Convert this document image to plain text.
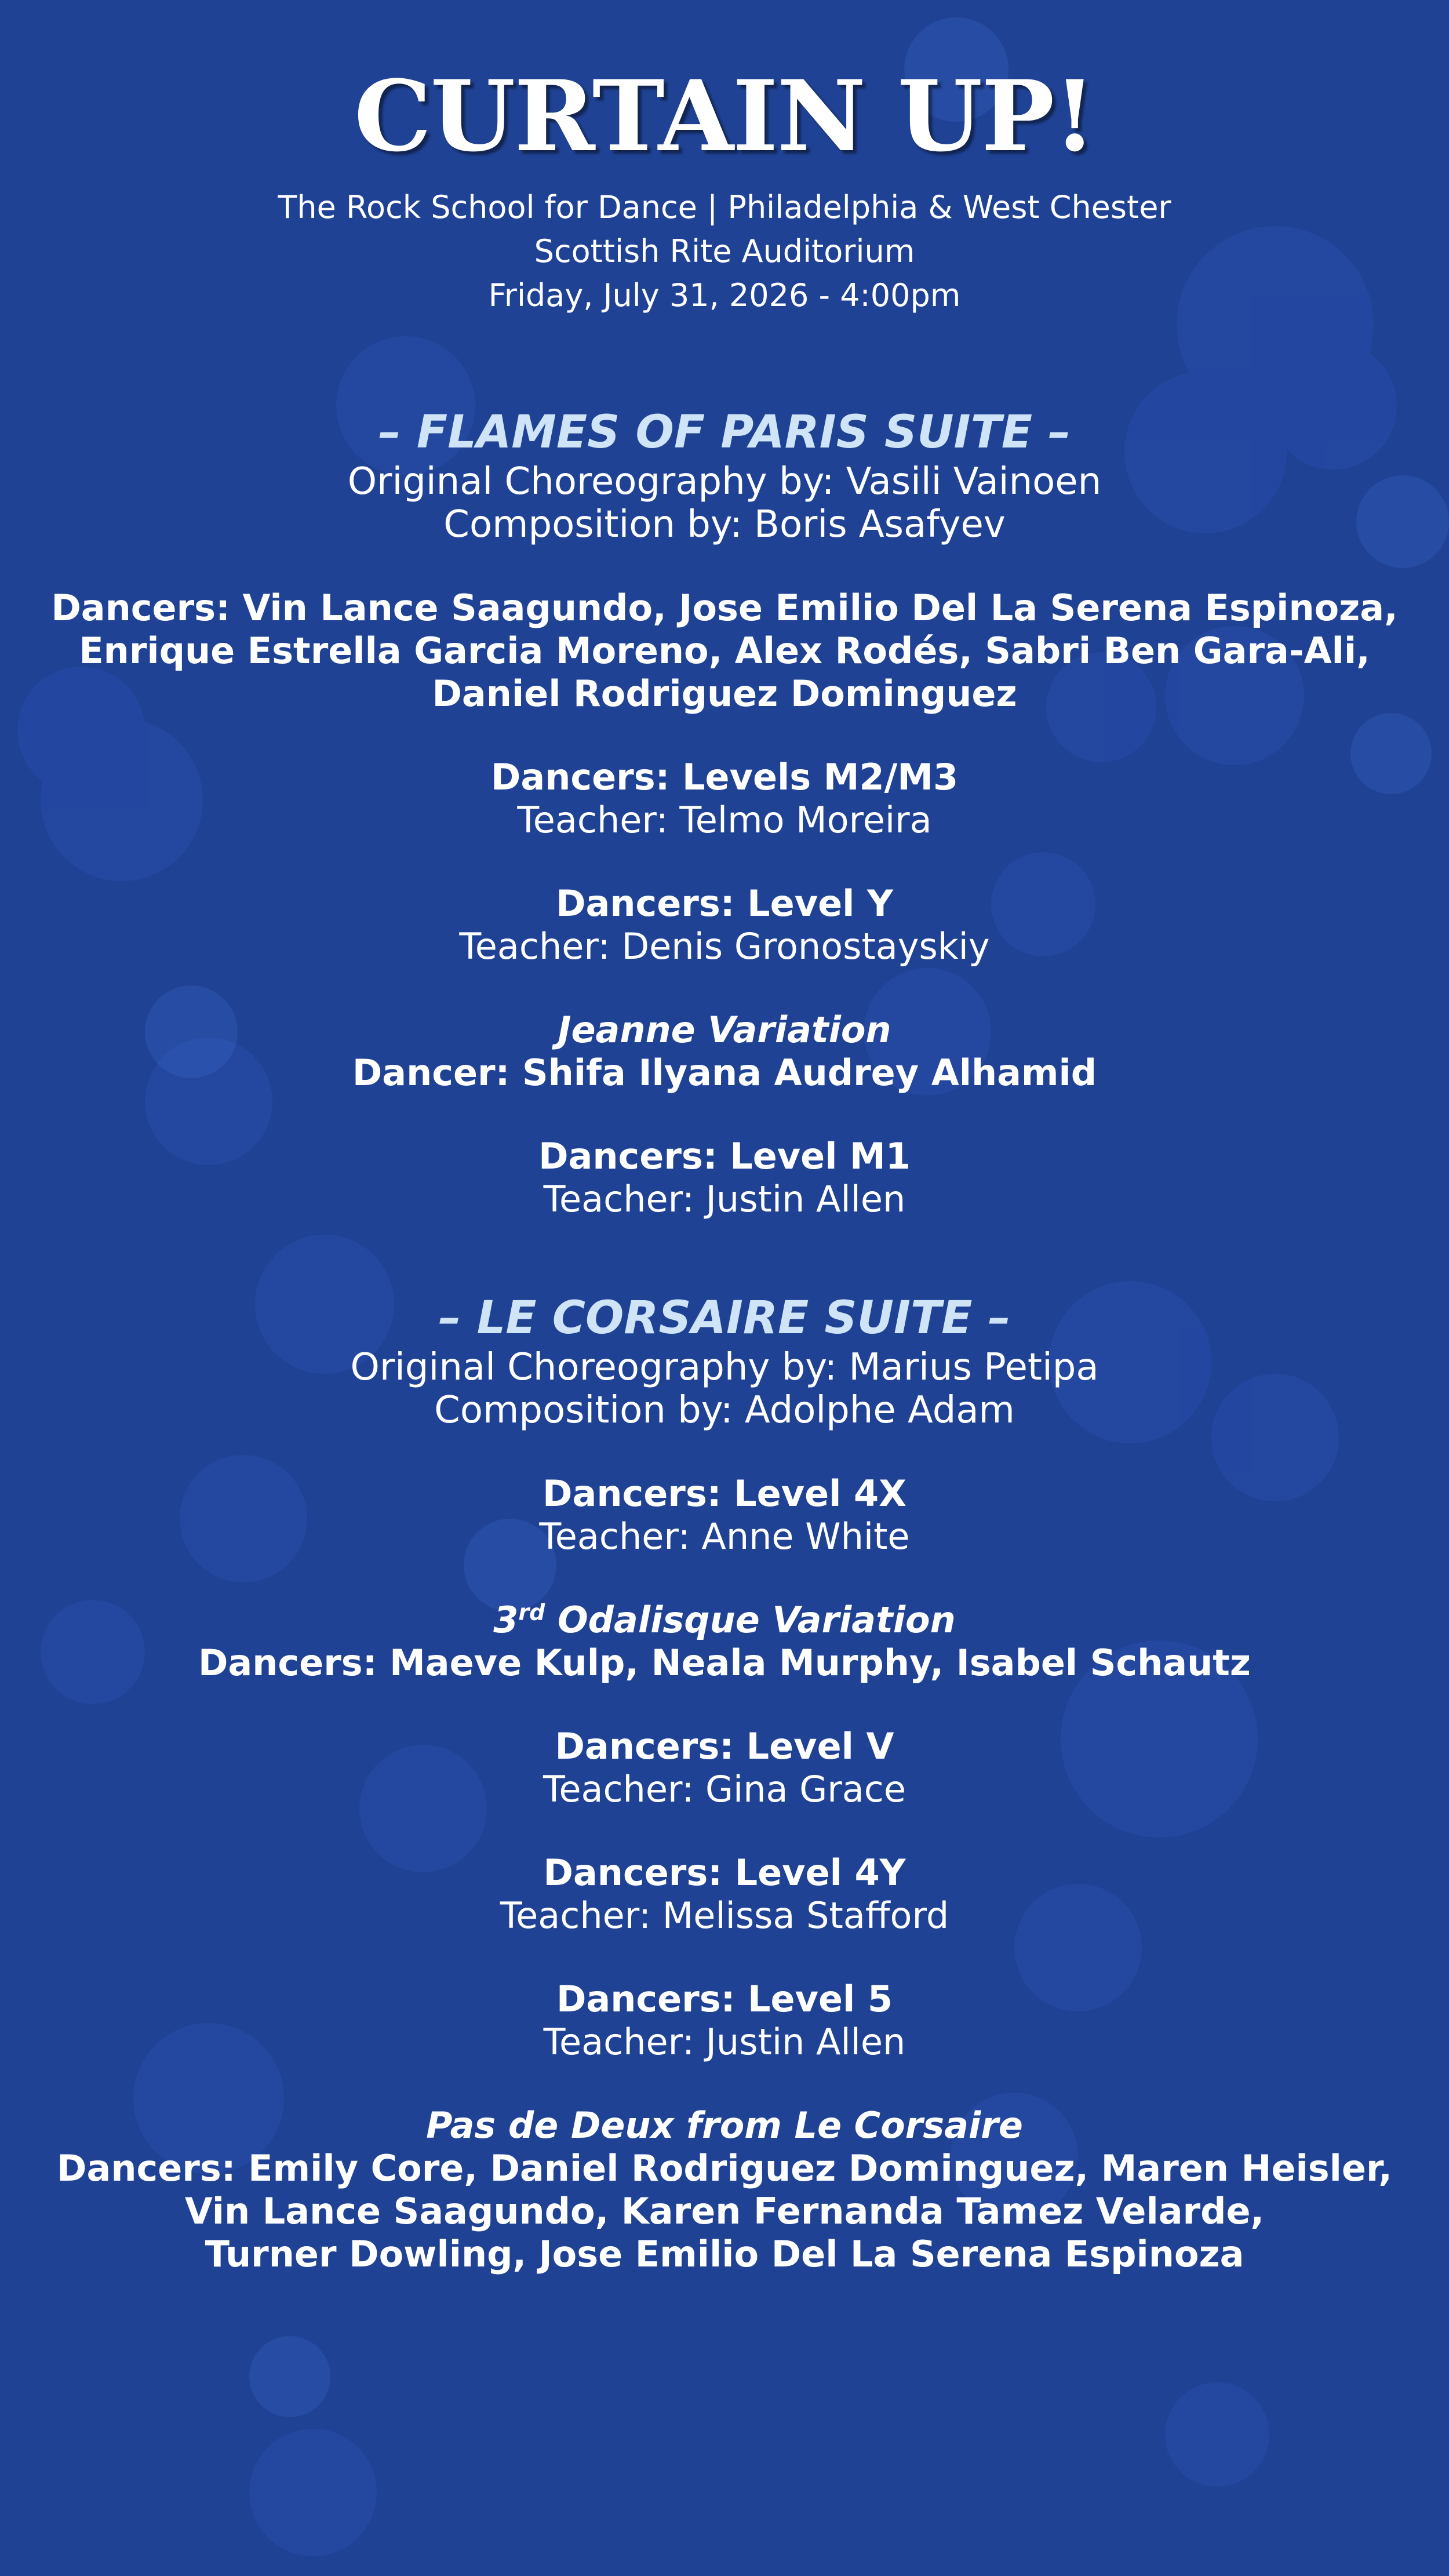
CURTAIN UP!

The Rock School for Dance | Philadelphia & West Chester

Scottish Rite Auditorium

Friday, July 31, 2026 - 4:00pm

– FLAMES OF PARIS SUITE –

Original Choreography by: Vasili Vainoen

Composition by: Boris Asafyev

Dancers: Vin Lance Saagundo, Jose Emilio Del La Serena Espinoza,

Enrique Estrella Garcia Moreno, Alex Rodés, Sabri Ben Gara-Ali,

Daniel Rodriguez Dominguez

Dancers: Levels M2/M3

Teacher: Telmo Moreira

Dancers: Level Y

Teacher: Denis Gronostayskiy

Jeanne Variation

Dancer: Shifa Ilyana Audrey Alhamid

Dancers: Level M1

Teacher: Justin Allen

– LE CORSAIRE SUITE –

Original Choreography by: Marius Petipa

Composition by: Adolphe Adam

Dancers: Level 4X

Teacher: Anne White

3rd Odalisque Variation

Dancers: Maeve Kulp, Neala Murphy, Isabel Schautz

Dancers: Level V

Teacher: Gina Grace

Dancers: Level 4Y

Teacher: Melissa Stafford

Dancers: Level 5

Teacher: Justin Allen

Pas de Deux from Le Corsaire

Dancers: Emily Core, Daniel Rodriguez Dominguez, Maren Heisler,

Vin Lance Saagundo, Karen Fernanda Tamez Velarde,

Turner Dowling, Jose Emilio Del La Serena Espinoza
